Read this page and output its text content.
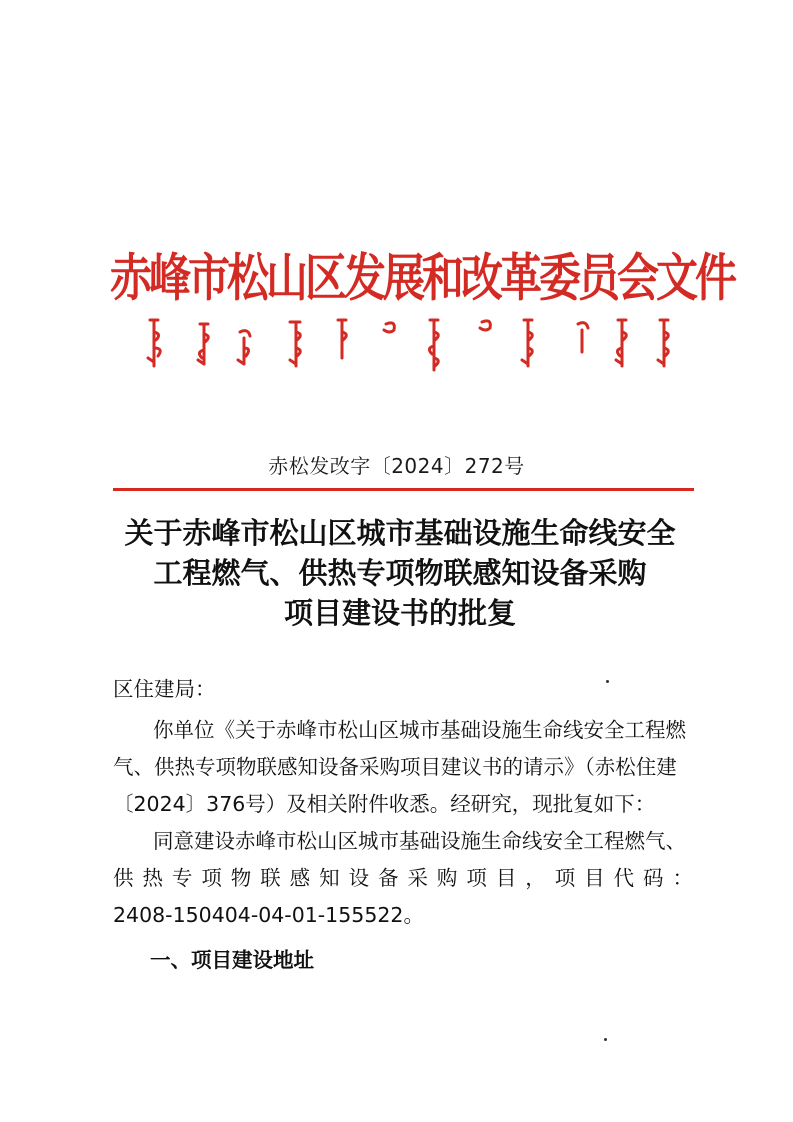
赤峰市松山区发展和改革委员会文件
赤松发改字〔2024〕272号
关于赤峰市松山区城市基础设施生命线安全
工程燃气、供热专项物联感知设备采购
项目建设书的批复
区住建局：
你单位《关于赤峰市松山区城市基础设施生命线安全工程燃
气、供热专项物联感知设备采购项目建议书的请示》（赤松住建
〔2024〕376号）及相关附件收悉。经研究，现批复如下：
同意建设赤峰市松山区城市基础设施生命线安全工程燃气、
供热专项物联感知设备采购项目，项目代码：
2408-150404-04-01-155522。
一、项目建设地址
